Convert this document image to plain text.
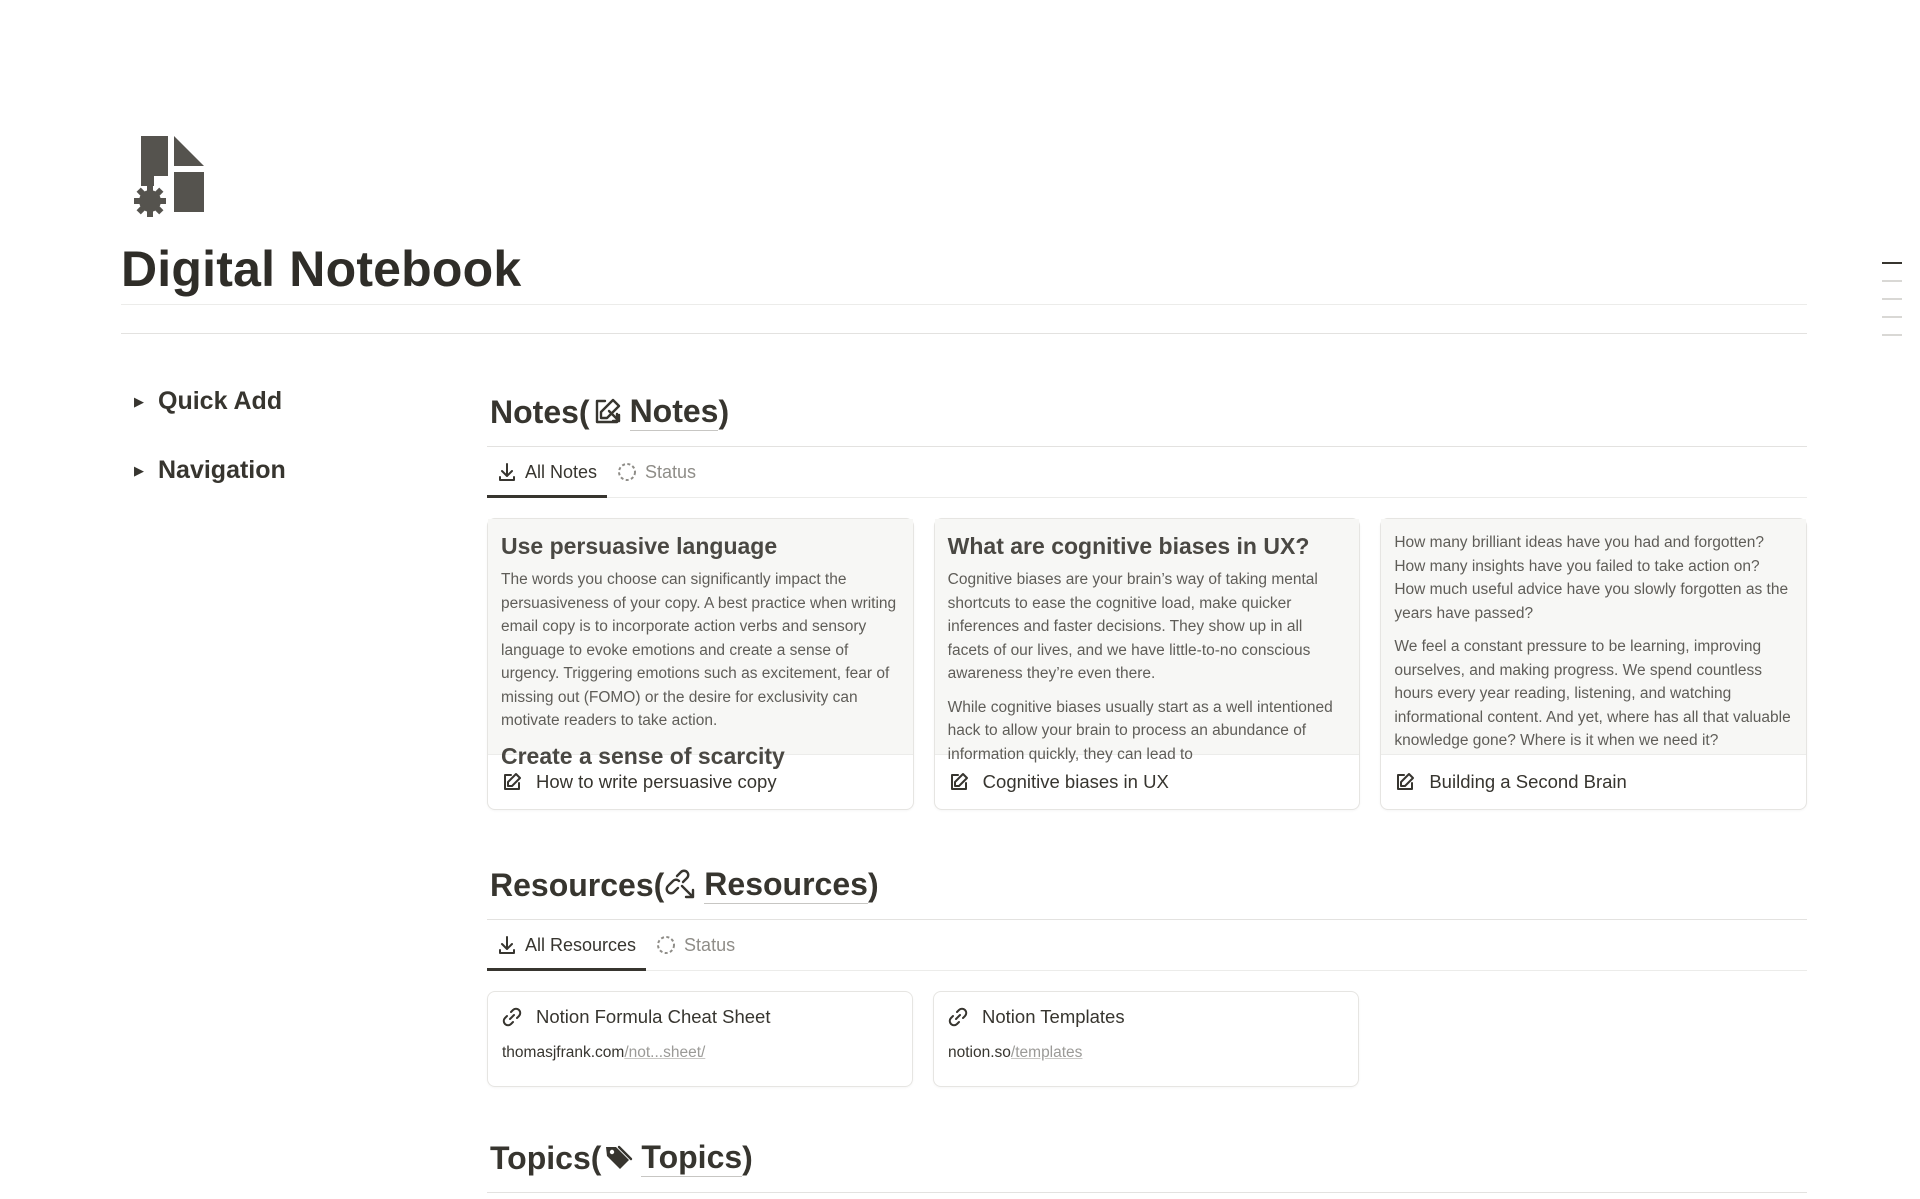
Digital Notebook
▶ Quick Add
▶ Navigation
Notes( Notes )
All Notes	Status
Use persuasive language

The words you choose can significantly impact the persuasiveness of your copy. A best practice when writing email copy is to incorporate action verbs and sensory language to evoke emotions and create a sense of urgency. Triggering emotions such as excitement, fear of missing out (FOMO) or the desire for exclusivity can motivate readers to take action.

Create a sense of scarcity
How to write persuasive copy
What are cognitive biases in UX?

Cognitive biases are your brain’s way of taking mental shortcuts to ease the cognitive load, make quicker inferences and faster decisions. They show up in all facets of our lives, and we have little-to-no conscious awareness they’re even there.

While cognitive biases usually start as a well intentioned hack to allow your brain to process an abundance of information quickly, they can lead to

Cognitive biases in UX

How many brilliant ideas have you had and forgotten? How many insights have you failed to take action on? How much useful advice have you slowly forgotten as the years have passed?

We feel a constant pressure to be learning, improving ourselves, and making progress. We spend countless hours every year reading, listening, and watching informational content. And yet, where has all that valuable knowledge gone? Where is it when we need it?

Building a Second Brain
Resources( Resources )
All Resources	Status
Notion Formula Cheat Sheet
thomasjfrank.com/not...sheet/
Notion Templates
notion.so/templates
Topics( Topics )
